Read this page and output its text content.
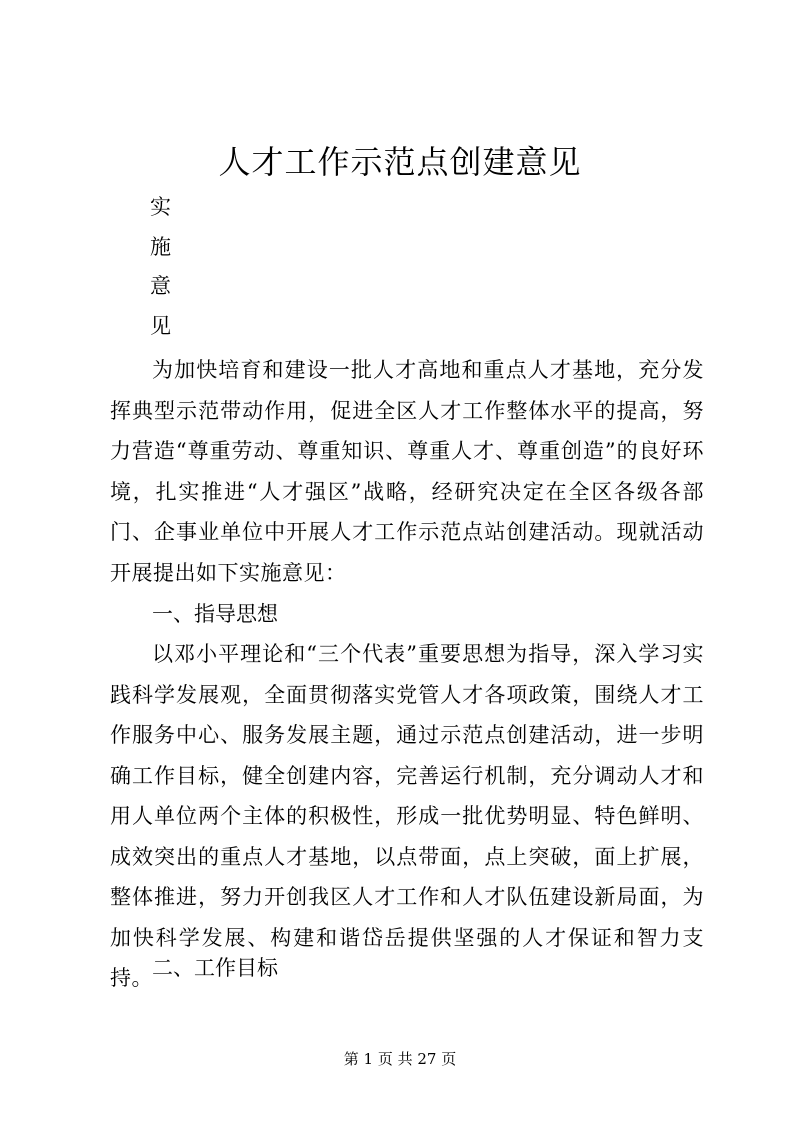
人才工作示范点创建意见
实
施
意
见

为加快培育和建设一批人才高地和重点人才基地，充分发挥典型示范带动作用，促进全区人才工作整体水平的提高，努力营造“尊重劳动、尊重知识、尊重人才、尊重创造”的良好环境，扎实推进“人才强区”战略，经研究决定在全区各级各部门、企事业单位中开展人才工作示范点站创建活动。现就活动开展提出如下实施意见：

一、指导思想

以邓小平理论和“三个代表”重要思想为指导，深入学习实践科学发展观，全面贯彻落实党管人才各项政策，围绕人才工作服务中心、服务发展主题，通过示范点创建活动，进一步明确工作目标，健全创建内容，完善运行机制，充分调动人才和用人单位两个主体的积极性，形成一批优势明显、特色鲜明、成效突出的重点人才基地，以点带面，点上突破，面上扩展，整体推进，努力开创我区人才工作和人才队伍建设新局面，为加快科学发展、构建和谐岱岳提供坚强的人才保证和智力支持。 二、工作目标

第 1 页 共 27 页
